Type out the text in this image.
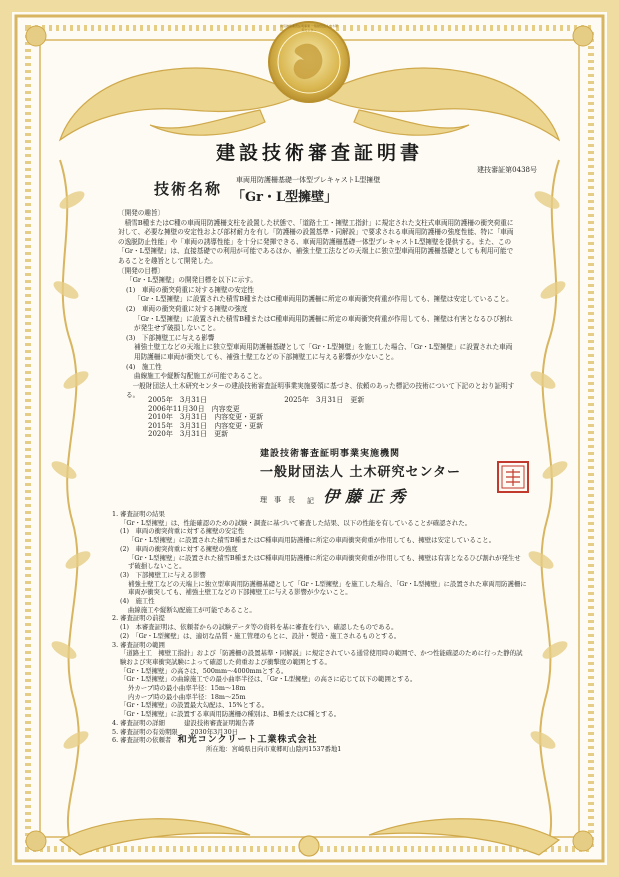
建設技術審査証明事業 一般財団法人土木研究センター
建設技術審査証明書
建技審証第0438号
技術名称 車両用防護柵基礎一体型プレキャストL型擁壁
「Gr・L型擁壁」

〔開発の趣旨〕

　積雪B種またはC種の車両用防護柵支柱を設置した状態で、「道路土工・擁壁工指針」に規定された支柱式車両用防護柵の衝突荷重に対して、必要な擁壁の安定性および部材耐力を有し「防護柵の設置基準・同解説」で要求される車両用防護柵の強度性能、特に「車両の逸脱防止性能」や「車両の誘導性能」を十分に発揮できる、車両用防護柵基礎一体型プレキャストL型擁壁を提供する。また、この「Gr・L型擁壁」は、直接基礎での利用が可能であるほか、補強土壁工法などの天端上に独立型車両用防護柵基礎としても利用可能であることを趣旨として開発した。

〔開発の目標〕

「Gr・L型擁壁」の開発目標を以下に示す。

(1)　車両の衝突荷重に対する擁壁の安定性

「Gr・L型擁壁」に設置された積雪B種またはC種車両用防護柵に所定の車両衝突荷重が作用しても、擁壁は安定していること。

(2)　車両の衝突荷重に対する擁壁の強度

「Gr・L型擁壁」に設置された積雪B種またはC種車両用防護柵に所定の車両衝突荷重が作用しても、擁壁は有害となるひび割れが発生せず破損しないこと。

(3)　下部擁壁工に与える影響

補強土壁工などの天端上に独立型車両用防護柵基礎として「Gr・L型擁壁」を施工した場合、「Gr・L型擁壁」に設置された車両用防護柵に車両が衝突しても、補強土壁工などの下部擁壁工に与える影響が少ないこと。

(4)　施工性

曲線施工や縦断勾配施工が可能であること。

　一般財団法人土木研究センターの建設技術審査証明事業実施要領に基づき、依頼のあった標記の技術について下記のとおり証明する。

2005年　3月31日　	2025年　3月31日　 更新
2006年11月30日　 内容変更
2010年　3月31日　 内容変更・更新
2015年　3月31日　 内容変更・更新
2020年　3月31日　 更新
建設技術審査証明事業実施機関
一般財団法人 土木研究センター
理　事　長 伊藤正秀
記

1. 審査証明の結果

「Gr・L型擁壁」は、性能確認のための試験・調査に基づいて審査した結果、以下の性能を有していることが確認された。

(1)　車両の衝突荷重に対する擁壁の安定性

「Gr・L型擁壁」に設置された積雪B種またはC種車両用防護柵に所定の車両衝突荷重が作用しても、擁壁は安定していること。

(2)　車両の衝突荷重に対する擁壁の強度

「Gr・L型擁壁」に設置された積雪B種またはC種車両用防護柵に所定の車両衝突荷重が作用しても、擁壁は有害となるひび割れが発生せず破損しないこと。

(3)　下部擁壁工に与える影響

補強土壁工などの天端上に独立型車両用防護柵基礎として「Gr・L型擁壁」を施工した場合、「Gr・L型擁壁」に設置された車両用防護柵に車両が衝突しても、補強土壁工などの下部擁壁工に与える影響が少ないこと。

(4)　施工性

曲線施工や縦断勾配施工が可能であること。

2. 審査証明の前提

(1)　本審査証明は、依頼者からの試験データ等の資料を基に審査を行い、確認したものである。

(2)　「Gr・L型擁壁」は、適切な品質・施工管理のもとに、設計・製造・施工されるものとする。

3. 審査証明の範囲

「道路土工　擁壁工指針」および「防護柵の設置基準・同解説」に規定されている通常使用時の範囲で、かつ性能確認のために行った静的試験および実車衝突試験によって確認した荷重および衝撃度の範囲とする。

「Gr・L型擁壁」の高さは、500mm～4000mmとする。

「Gr・L型擁壁」の曲線施工での最小曲率半径は、「Gr・L型擁壁」の高さに応じて以下の範囲とする。

外カーブ時の最小曲率半径：15m～18m

内カーブ時の最小曲率半径：18m～25m

「Gr・L型擁壁」の設置最大勾配は、15%とする。

「Gr・L型擁壁」に設置する車両用防護柵の種別は、B種またはC種とする。

4. 審査証明の詳細　　　建設技術審査証明報告書

5. 審査証明の有効期限　　2030年3月30日

6. 審査証明の依頼者　 和光コンクリート工業株式会社

所在地：宮崎県日向市東郷町山陰丙1537番地1
